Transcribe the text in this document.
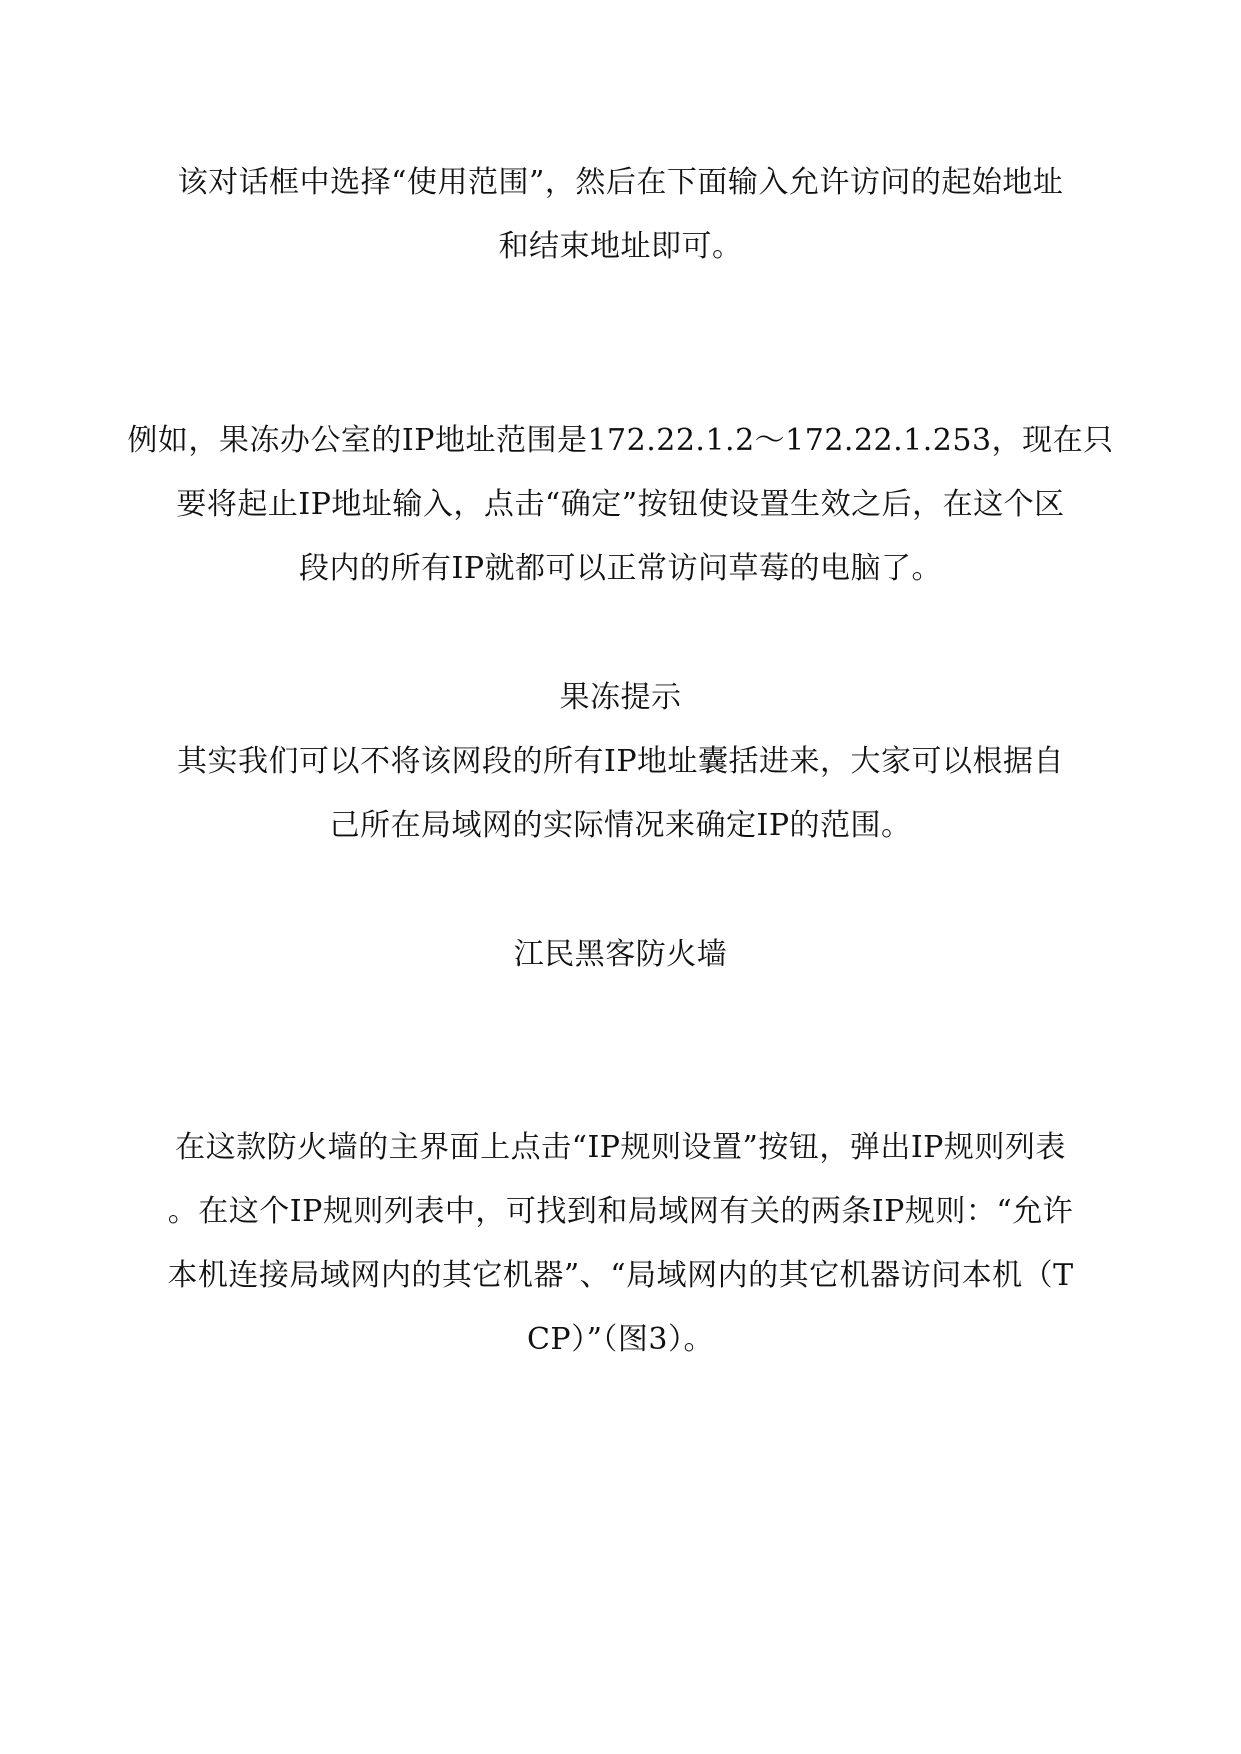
该对话框中选择“使用范围”，然后在下面输入允许访问的起始地址

和结束地址即可。

例如，果冻办公室的IP地址范围是172.22.1.2～172.22.1.253，现在只

要将起止IP地址输入，点击“确定”按钮使设置生效之后，在这个区

段内的所有IP就都可以正常访问草莓的电脑了。

果冻提示

其实我们可以不将该网段的所有IP地址囊括进来，大家可以根据自

己所在局域网的实际情况来确定IP的范围。

江民黑客防火墙

在这款防火墙的主界面上点击“IP规则设置”按钮，弹出IP规则列表

。在这个IP规则列表中，可找到和局域网有关的两条IP规则：“允许

本机连接局域网内的其它机器”、“局域网内的其它机器访问本机（T

CP）”（图3）。
